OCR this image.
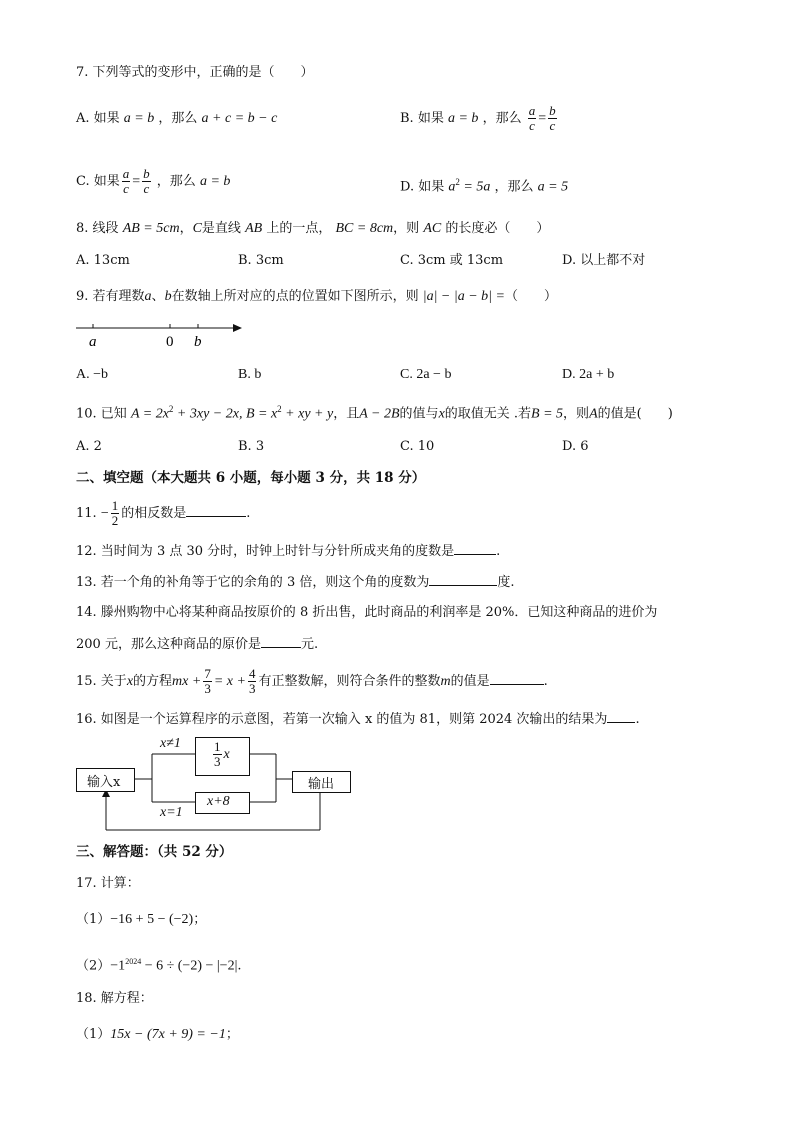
7. 下列等式的变形中，正确的是（　　）
A. 如果 a = b ，那么 a + c = b − c	B. 如果 a = b ，那么 $\frac{a}{c} = \frac{b}{c}$
C. 如果 $\frac{a}{c} = \frac{b}{c}$ ，那么 a = b	D. 如果 $a^2 = 5a$ ，那么 a = 5
8. 线段 AB = 5cm，C是直线 AB 上的一点， BC = 8cm，则 AC 的长度必（　　）
A. 13cm	B. 3cm	C. 3cm 或 13cm	D. 以上都不对
9. 若有理数a、b在数轴上所对应的点的位置如下图所示，则 |a| − |a − b| =（　　）
a	0 b
A. −b	B. b	C. 2a − b	D. 2a + b
10. 已知 $A = 2x^2 + 3xy - 2x$, $B = x^2$ + xy + y，且A − 2B的值与x的取值无关 .若B = 5，则A的值是(　　)
A. 2	B. 3	C. 10	D. 6
二、填空题（本大题共 6 小题，每小题 3 分，共 18 分）
11. − $\frac{1}{2}$ 的相反数是	.
12. 当时间为 3 点 30 分时，时钟上时针与分针所成夹角的度数是	.
13. 若一个角的补角等于它的余角的 3 倍，则这个角的度数为	度.
14. 滕州购物中心将某种商品按原价的 8 折出售，此时商品的利润率是 20%．已知这种商品的进价为
200 元，那么这种商品的原价是	元.
15. 关于x的方程mx + $\frac{7}{3} = x + \frac{4}{3}$ 有正整数解，则符合条件的整数m的值是	.
16. 如图是一个运算程序的示意图，若第一次输入 x 的值为 81，则第 2024 次输出的结果为 .
输入x
$\frac{1}{3}$ x
x+8
输出
x≠1
x=1
三、解答题：（共 52 分）
17. 计算：
（1）−16 + 5 − (−2)；
$(2)-1^{2024} - 6 \div (-2) - |-2|$.
18. 解方程：
（1）15x − (7x + 9) = −1；
